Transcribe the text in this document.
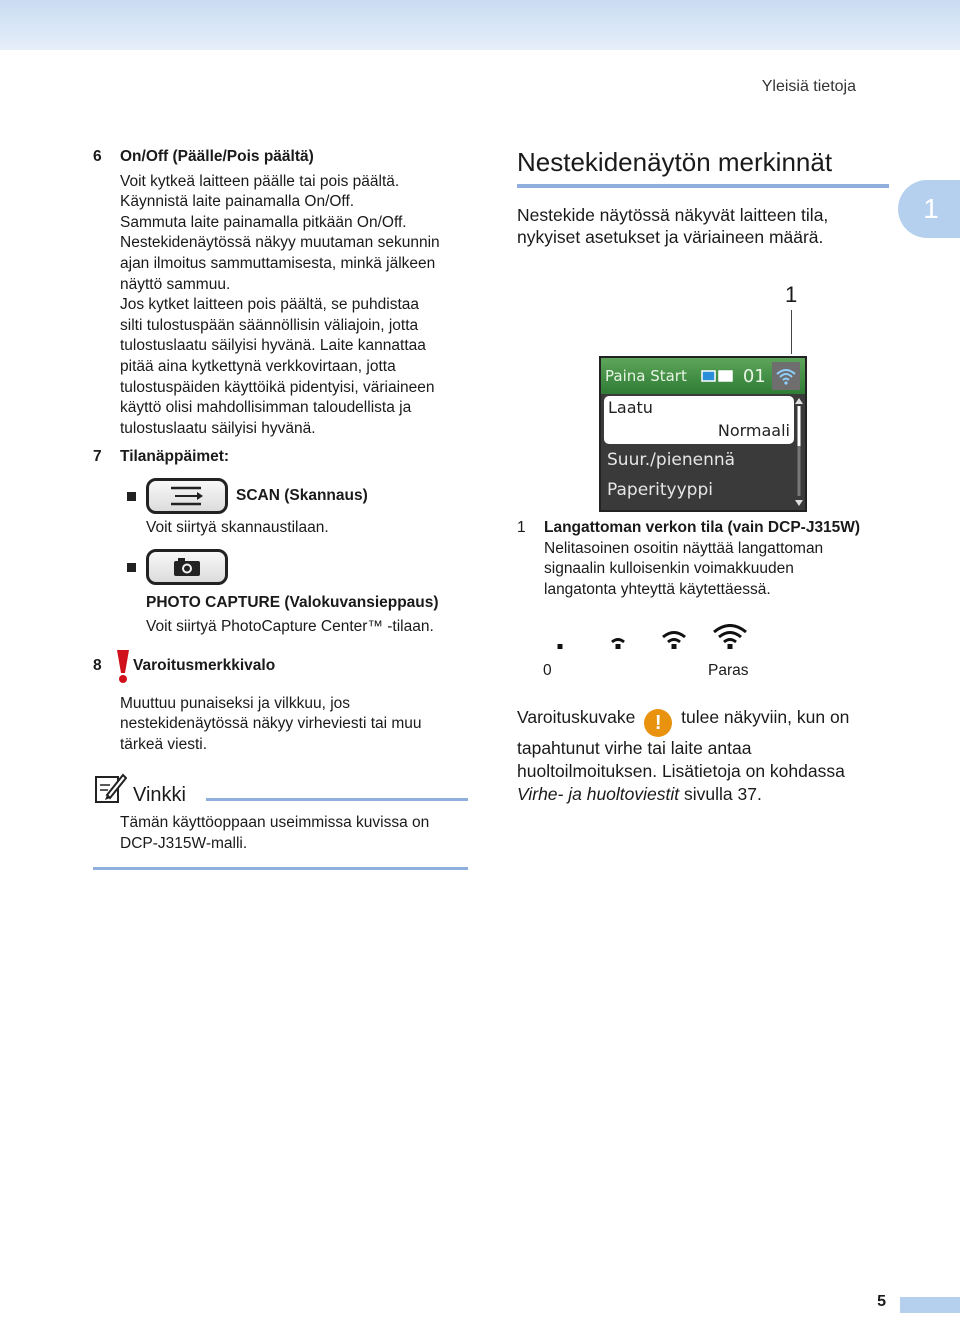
Yleisiä tietoja
1
6 On/Off (Päälle/Pois päältä)
Voit kytkeä laitteen päälle tai pois päältä.
Käynnistä laite painamalla On/Off.
Sammuta laite painamalla pitkään On/Off.
Nestekidenäytössä näkyy muutaman sekunnin
ajan ilmoitus sammuttamisesta, minkä jälkeen
näyttö sammuu.
Jos kytket laitteen pois päältä, se puhdistaa
silti tulostuspään säännöllisin väliajoin, jotta
tulostuslaatu säilyisi hyvänä. Laite kannattaa
pitää aina kytkettynä verkkovirtaan, jotta
tulostuspäiden käyttöikä pidentyisi, väriaineen
käyttö olisi mahdollisimman taloudellista ja
tulostuslaatu säilyisi hyvänä.
7 Tilanäppäimet:
SCAN (Skannaus)
Voit siirtyä skannaustilaan.
PHOTO CAPTURE (Valokuvansieppaus)
Voit siirtyä PhotoCapture Center™ -tilaan.
8 Varoitusmerkkivalo
Muuttuu punaiseksi ja vilkkuu, jos
nestekidenäytössä näkyy virheviesti tai muu
tärkeä viesti.
Vinkki
Tämän käyttöoppaan useimmissa kuvissa on
DCP-J315W-malli.
Nestekidenäytön merkinnät
Nestekide näytössä näkyvät laitteen tila,
nykyiset asetukset ja väriaineen määrä.
1
Paina Start	01
Laatu
Normaali
Suur./pienennä
Paperityyppi
1 Langattoman verkon tila (vain DCP-J315W)
Nelitasoinen osoitin näyttää langattoman
signaalin kulloisenkin voimakkuuden
langatonta yhteyttä käytettäessä.
0	Paras
Varoituskuvake ! tulee näkyviin, kun on
tapahtunut virhe tai laite antaa
huoltoilmoituksen. Lisätietoja on kohdassa
Virhe- ja huoltoviestit sivulla 37.
5
